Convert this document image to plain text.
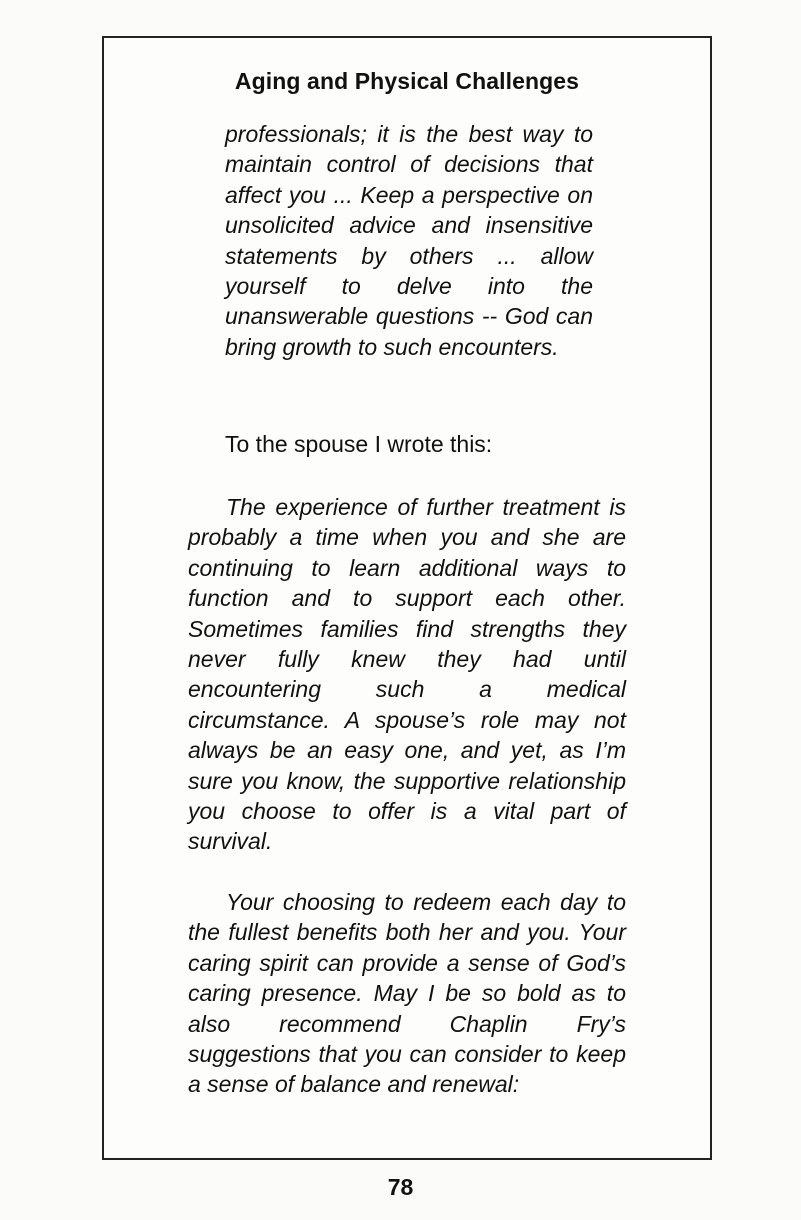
Aging and Physical Challenges

professionals; it is the best way to maintain control of decisions that affect you ... Keep a perspective on unsolicited advice and insensitive statements by others ... allow yourself to delve into the unanswerable questions -- God can bring growth to such encounters.

To the spouse I wrote this:

The experience of further treatment is probably a time when you and she are continuing to learn additional ways to function and to support each other. Sometimes families find strengths they never fully knew they had until encountering such a medical circumstance. A spouse’s role may not always be an easy one, and yet, as I’m sure you know, the supportive relationship you choose to offer is a vital part of survival.

Your choosing to redeem each day to the fullest benefits both her and you. Your caring spirit can provide a sense of God’s caring presence. May I be so bold as to also recommend Chaplin Fry’s suggestions that you can consider to keep a sense of balance and renewal:

78
